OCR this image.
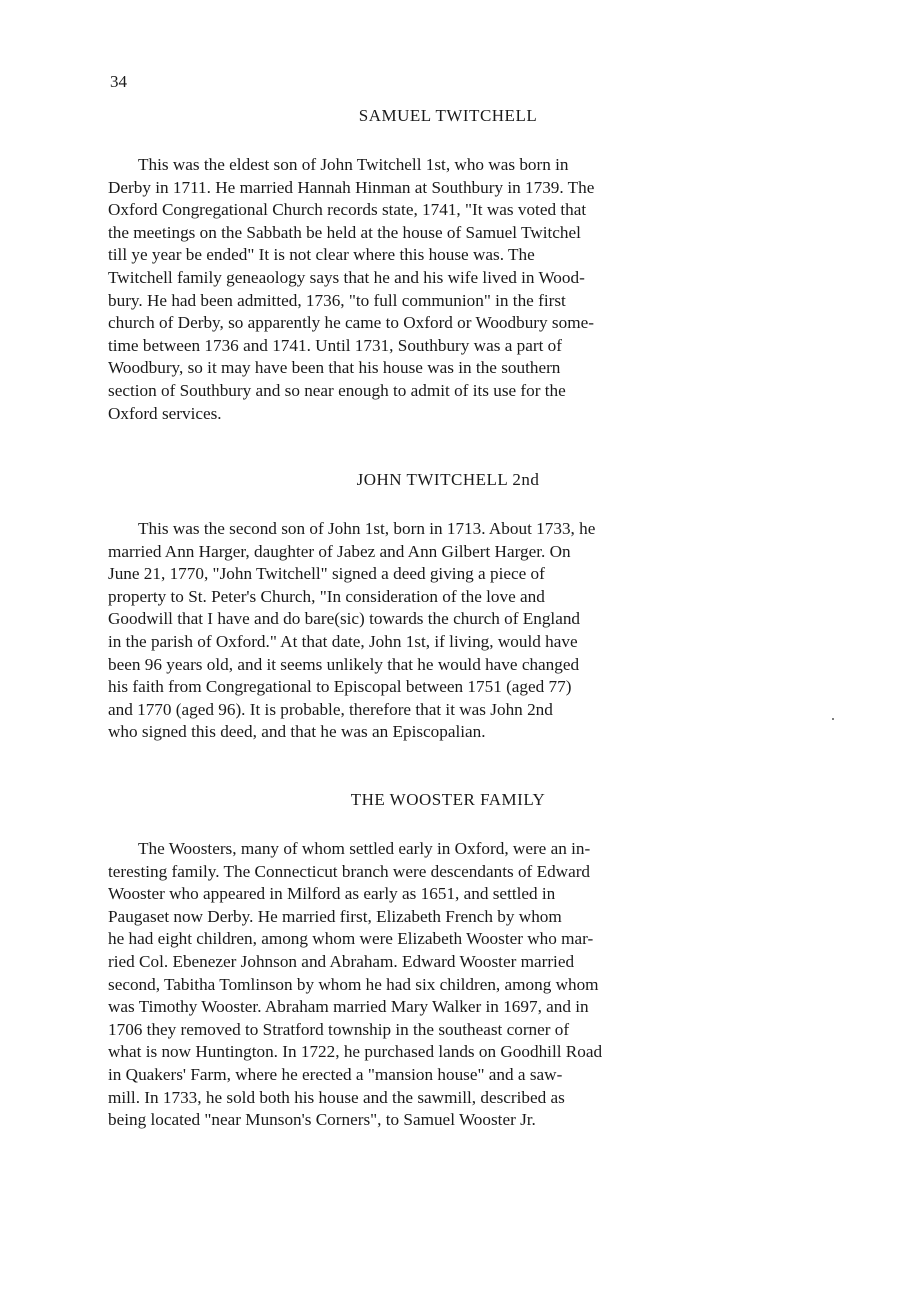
34
SAMUEL TWITCHELL
This was the eldest son of John Twitchell 1st, who was born in
Derby in 1711. He married Hannah Hinman at Southbury in 1739. The
Oxford Congregational Church records state, 1741, "It was voted that
the meetings on the Sabbath be held at the house of Samuel Twitchel
till ye year be ended" It is not clear where this house was. The
Twitchell family geneaology says that he and his wife lived in Wood-
bury. He had been admitted, 1736, "to full communion" in the first
church of Derby, so apparently he came to Oxford or Woodbury some-
time between 1736 and 1741. Until 1731, Southbury was a part of
Woodbury, so it may have been that his house was in the southern
section of Southbury and so near enough to admit of its use for the
Oxford services.
JOHN TWITCHELL 2nd
This was the second son of John 1st, born in 1713. About 1733, he
married Ann Harger, daughter of Jabez and Ann Gilbert Harger. On
June 21, 1770, "John Twitchell" signed a deed giving a piece of
property to St. Peter's Church, "In consideration of the love and
Goodwill that I have and do bare(sic) towards the church of England
in the parish of Oxford." At that date, John 1st, if living, would have
been 96 years old, and it seems unlikely that he would have changed
his faith from Congregational to Episcopal between 1751 (aged 77)
and 1770 (aged 96). It is probable, therefore that it was John 2nd
who signed this deed, and that he was an Episcopalian.
THE WOOSTER FAMILY
The Woosters, many of whom settled early in Oxford, were an in-
teresting family. The Connecticut branch were descendants of Edward
Wooster who appeared in Milford as early as 1651, and settled in
Paugaset now Derby. He married first, Elizabeth French by whom
he had eight children, among whom were Elizabeth Wooster who mar-
ried Col. Ebenezer Johnson and Abraham. Edward Wooster married
second, Tabitha Tomlinson by whom he had six children, among whom
was Timothy Wooster. Abraham married Mary Walker in 1697, and in
1706 they removed to Stratford township in the southeast corner of
what is now Huntington. In 1722, he purchased lands on Goodhill Road
in Quakers' Farm, where he erected a "mansion house" and a saw-
mill. In 1733, he sold both his house and the sawmill, described as
being located "near Munson's Corners", to Samuel Wooster Jr.
